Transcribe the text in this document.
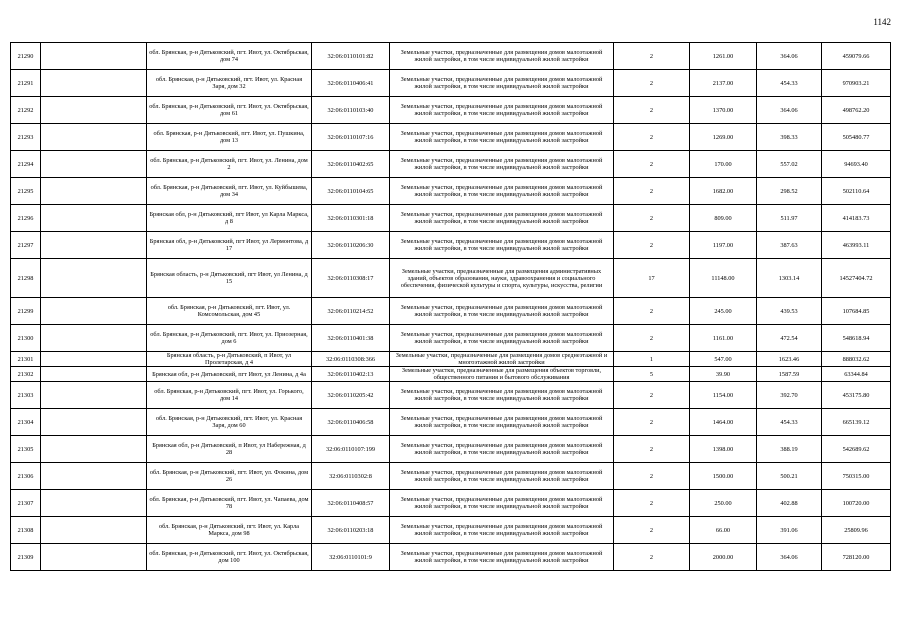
1142
21290		обл. Брянская, р-н Дятьковский, пгт. Ивот, ул. Октябрьская, дом 74	32:06:0110101:82	Земельные участки, предназначенные для размещения домов малоэтажной жилой застройки, в том числе индивидуальной жилой застройки	2	1261.00	364.06	459079.66
21291		обл. Брянская, р-н Дятьковский, пгт. Ивот, ул. Красная Заря, дом 32	32:06:0110406:41	Земельные участки, предназначенные для размещения домов малоэтажной жилой застройки, в том числе индивидуальной жилой застройки	2	2137.00	454.33	970903.21
21292		обл. Брянская, р-н Дятьковский, пгт. Ивот, ул. Октябрьская, дом 61	32:06:0110103:40	Земельные участки, предназначенные для размещения домов малоэтажной жилой застройки, в том числе индивидуальной жилой застройки	2	1370.00	364.06	498762.20
21293		обл. Брянская, р-н Дятьковский, пгт. Ивот, ул. Пушкина, дом 13	32:06:0110107:16	Земельные участки, предназначенные для размещения домов малоэтажной жилой застройки, в том числе индивидуальной жилой застройки	2	1269.00	398.33	505480.77
21294		обл. Брянская, р-н Дятьковский, пгт. Ивот, ул. Ленина, дом 2	32:06:0110402:65	Земельные участки, предназначенные для размещения домов малоэтажной жилой застройки, в том числе индивидуальной жилой застройки	2	170.00	557.02	94693.40
21295		обл. Брянская, р-н Дятьковский, пгт. Ивот, ул. Куйбышева, дом 34	32:06:0110104:65	Земельные участки, предназначенные для размещения домов малоэтажной жилой застройки, в том числе индивидуальной жилой застройки	2	1682.00	298.52	502110.64
21296		Брянская обл, р-н Дятьковский, пгт Ивот, ул Карла Маркса, д 8	32:06:0110301:18	Земельные участки, предназначенные для размещения домов малоэтажной жилой застройки, в том числе индивидуальной жилой застройки	2	809.00	511.97	414183.73
21297		Брянская обл, р-н Дятьковский, пгт Ивот, ул Лермонтова, д 17	32:06:0110206:30	Земельные участки, предназначенные для размещения домов малоэтажной жилой застройки, в том числе индивидуальной жилой застройки	2	1197.00	387.63	463993.11
21298		Брянская область, р-н Дятьковский, пгт Ивот, ул Ленина, д 15	32:06:0110308:17	Земельные участки, предназначенные для размещения административных зданий, объектов образования, науки, здравоохранения и социального обеспечения, физической культуры и спорта, культуры, искусства, религии	17	11148.00	1303.14	14527404.72
21299		обл. Брянская, р-н Дятьковский, пгт. Ивот, ул. Комсомольская, дом 45	32:06:0110214:52	Земельные участки, предназначенные для размещения домов малоэтажной жилой застройки, в том числе индивидуальной жилой застройки	2	245.00	439.53	107684.85
21300		обл. Брянская, р-н Дятьковский, пгт. Ивот, ул. Приозерная, дом 6	32:06:0110401:38	Земельные участки, предназначенные для размещения домов малоэтажной жилой застройки, в том числе индивидуальной жилой застройки	2	1161.00	472.54	548618.94
21301		Брянская область, р-н Дятьковский, п Ивот, ул Пролетарская, д 4	32:06:0110308:366	Земельные участки, предназначенные для размещения домов среднеэтажной и многоэтажной жилой застройки	1	547.00	1623.46	888032.62
21302		Брянская обл, р-н Дятьковский, пгт Ивот, ул Ленина, д 4а	32:06:0110402:13	Земельные участки, предназначенные для размещения объектов торговли, общественного питания и бытового обслуживания	5	39.90	1587.59	63344.84
21303		обл. Брянская, р-н Дятьковский, пгт. Ивот, ул. Горького, дом 14	32:06:0110205:42	Земельные участки, предназначенные для размещения домов малоэтажной жилой застройки, в том числе индивидуальной жилой застройки	2	1154.00	392.70	453175.80
21304		обл. Брянская, р-н Дятьковский, пгт. Ивот, ул. Красная Заря, дом 60	32:06:0110406:58	Земельные участки, предназначенные для размещения домов малоэтажной жилой застройки, в том числе индивидуальной жилой застройки	2	1464.00	454.33	665139.12
21305		Брянская обл, р-н Дятьковский, п Ивот, ул Набережная, д 28	32:06:0110107:199	Земельные участки, предназначенные для размещения домов малоэтажной жилой застройки, в том числе индивидуальной жилой застройки	2	1398.00	388.19	542689.62
21306		обл. Брянская, р-н Дятьковский, пгт. Ивот, ул. Фокина, дом 26	32:06:0110302:8	Земельные участки, предназначенные для размещения домов малоэтажной жилой застройки, в том числе индивидуальной жилой застройки	2	1500.00	500.21	750315.00
21307		обл. Брянская, р-н Дятьковский, пгт. Ивот, ул. Чапаева, дом 78	32:06:0110408:57	Земельные участки, предназначенные для размещения домов малоэтажной жилой застройки, в том числе индивидуальной жилой застройки	2	250.00	402.88	100720.00
21308		обл. Брянская, р-н Дятьковский, пгт. Ивот, ул. Карла Маркса, дом 98	32:06:0110203:18	Земельные участки, предназначенные для размещения домов малоэтажной жилой застройки, в том числе индивидуальной жилой застройки	2	66.00	391.06	25809.96
21309		обл. Брянская, р-н Дятьковский, пгт. Ивот, ул. Октябрьская, дом 100	32:06:0110101:9	Земельные участки, предназначенные для размещения домов малоэтажной жилой застройки, в том числе индивидуальной жилой застройки	2	2000.00	364.06	728120.00
